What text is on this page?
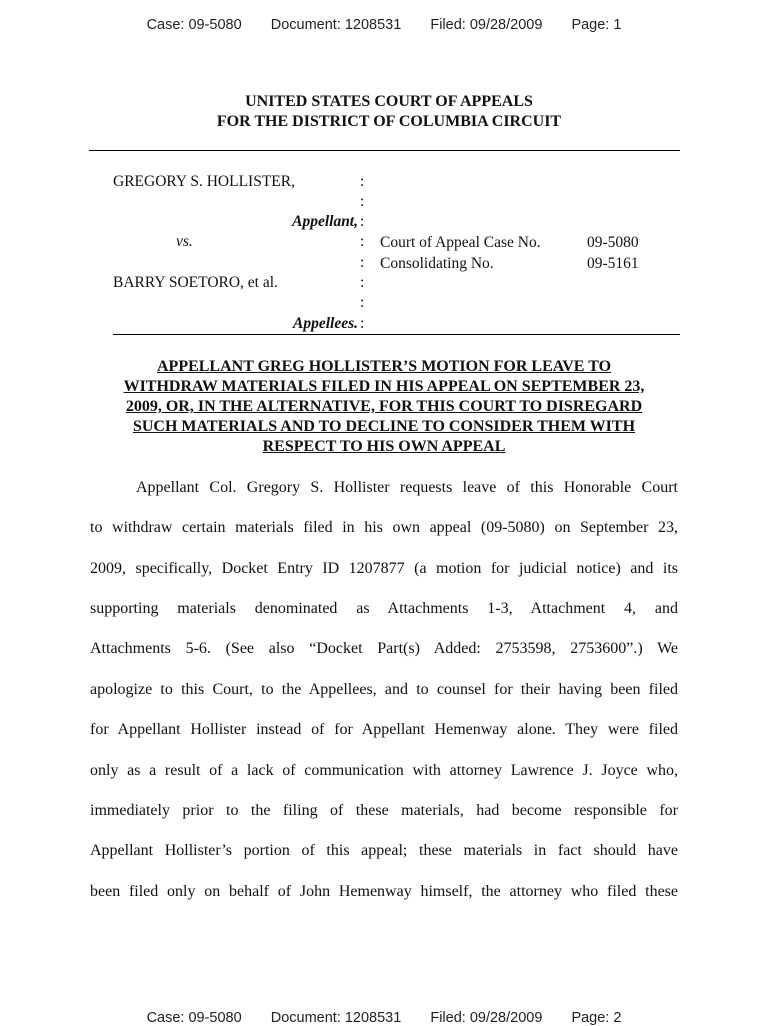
Case: 09-5080 Document: 1208531 Filed: 09/28/2009 Page: 1
UNITED STATES COURT OF APPEALS
FOR THE DISTRICT OF COLUMBIA CIRCUIT
GREGORY S. HOLLISTER,
Appellant,
vs.
BARRY SOETORO, et al.
Appellees.
:
:
:
:
:
:
:
:
Court of Appeal Case No.	09-5080
Consolidating No.	09-5161
APPELLANT GREG HOLLISTER’S MOTION FOR LEAVE TO
WITHDRAW MATERIALS FILED IN HIS APPEAL ON SEPTEMBER 23,
2009, OR, IN THE ALTERNATIVE, FOR THIS COURT TO DISREGARD
SUCH MATERIALS AND TO DECLINE TO CONSIDER THEM WITH
RESPECT TO HIS OWN APPEAL
Appellant Col. Gregory S. Hollister requests leave of this Honorable Court
to withdraw certain materials filed in his own appeal (09-5080) on September 23,
2009, specifically, Docket Entry ID 1207877 (a motion for judicial notice) and its
supporting materials denominated as Attachments 1-3, Attachment 4, and
Attachments 5-6. (See also “Docket Part(s) Added: 2753598, 2753600”.) We
apologize to this Court, to the Appellees, and to counsel for their having been filed
for Appellant Hollister instead of for Appellant Hemenway alone. They were filed
only as a result of a lack of communication with attorney Lawrence J. Joyce who,
immediately prior to the filing of these materials, had become responsible for
Appellant Hollister’s portion of this appeal; these materials in fact should have
been filed only on behalf of John Hemenway himself, the attorney who filed these
Case: 09-5080 Document: 1208531 Filed: 09/28/2009 Page: 2
